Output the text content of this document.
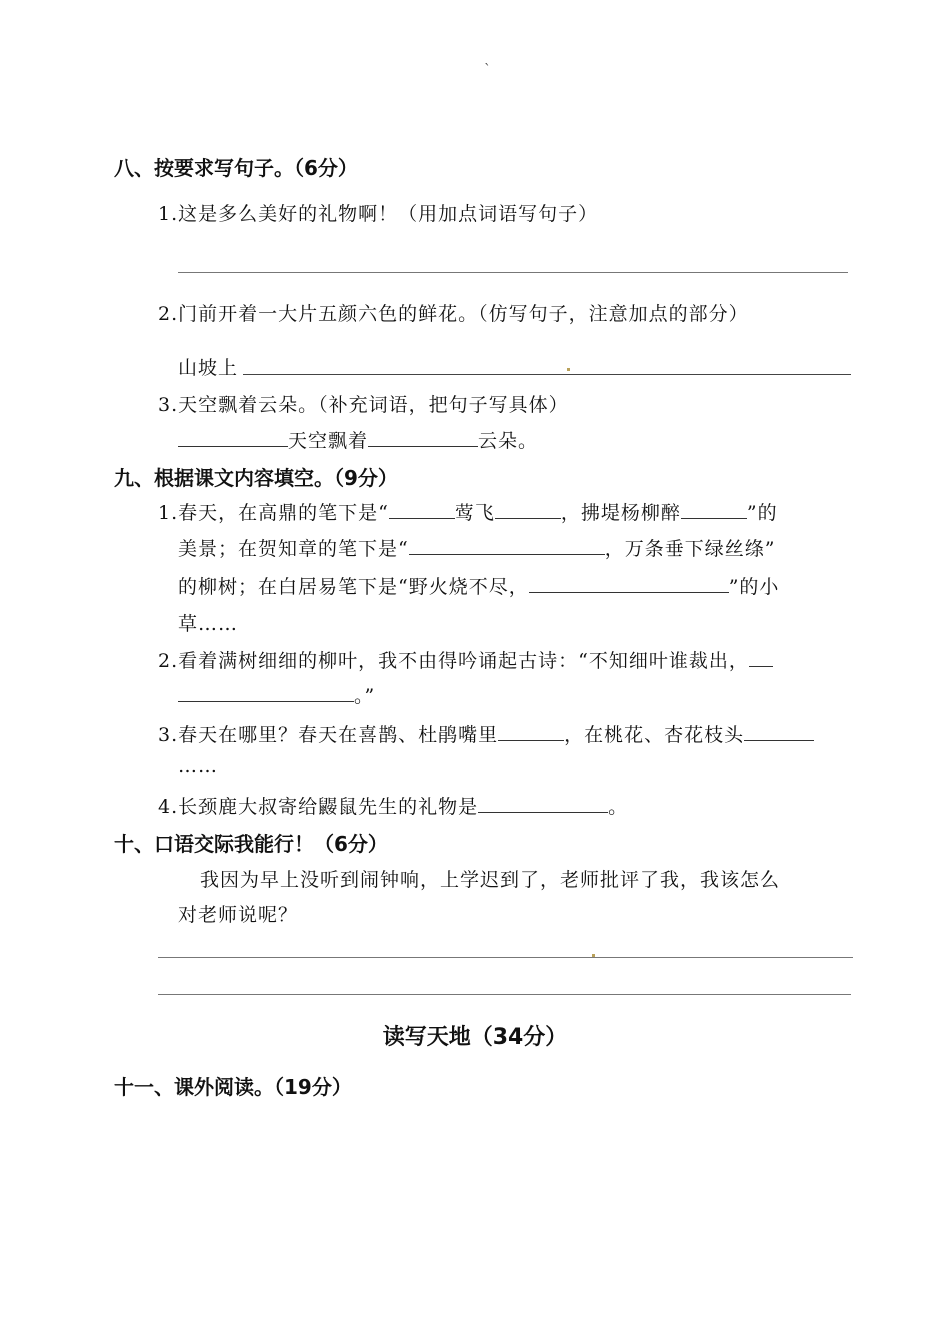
`
八、按要求写句子。（6分）
1.这是多么美好的礼物啊！（用加点词语写句子）
2.门前开着一大片五颜六色的鲜花。（仿写句子，注意加点的部分）
山坡上
3.天空飘着云朵。（补充词语，把句子写具体）
天空飘着	云朵。
九、根据课文内容填空。（9分）
1.春天，在高鼎的笔下是“	莺飞	，拂堤杨柳醉	”的
美景；在贺知章的笔下是“	，万条垂下绿丝绦”
的柳树；在白居易笔下是“野火烧不尽，	”的小
草……
2.看着满树细细的柳叶，我不由得吟诵起古诗：“不知细叶谁裁出，
。”
3.春天在哪里？春天在喜鹊、杜鹃嘴里	，在桃花、杏花枝头
……
4.长颈鹿大叔寄给鼹鼠先生的礼物是	。
十、口语交际我能行！（6分）
我因为早上没听到闹钟响，上学迟到了，老师批评了我，我该怎么
对老师说呢？
读写天地（34分）
十一、课外阅读。（19分）
